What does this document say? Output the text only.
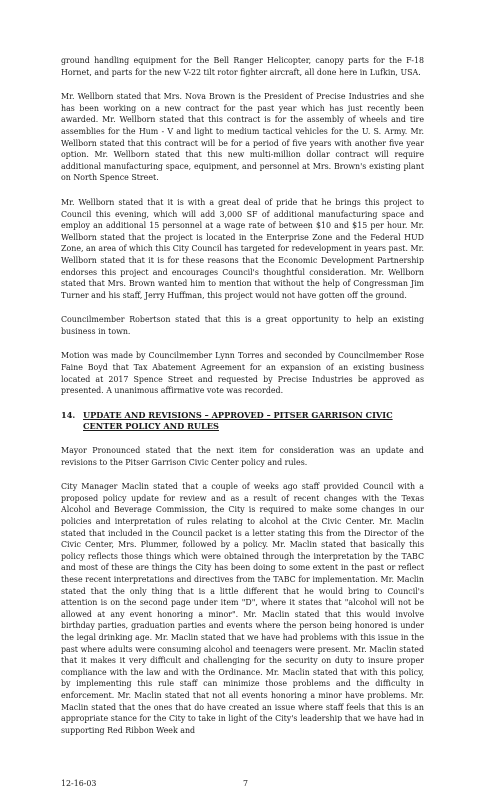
ground handling equipment for the Bell Ranger Helicopter, canopy parts for the F-18 Hornet, and parts for the new V-22 tilt rotor fighter aircraft, all done here in Lufkin, USA.

Mr. Wellborn stated that Mrs. Nova Brown is the President of Precise Industries and she has been working on a new contract for the past year which has just recently been awarded. Mr. Wellborn stated that this contract is for the assembly of wheels and tire assemblies for the Hum - V and light to medium tactical vehicles for the U. S. Army. Mr. Wellborn stated that this contract will be for a period of five years with another five year option. Mr. Wellborn stated that this new multi-million dollar contract will require additional manufacturing space, equipment, and personnel at Mrs. Brown's existing plant on North Spence Street.

Mr. Wellborn stated that it is with a great deal of pride that he brings this project to Council this evening, which will add 3,000 SF of additional manufacturing space and employ an additional 15 personnel at a wage rate of between $10 and $15 per hour. Mr. Wellborn stated that the project is located in the Enterprise Zone and the Federal HUD Zone, an area of which this City Council has targeted for redevelopment in years past. Mr. Wellborn stated that it is for these reasons that the Economic Development Partnership endorses this project and encourages Council's thoughtful consideration. Mr. Wellborn stated that Mrs. Brown wanted him to mention that without the help of Congressman Jim Turner and his staff, Jerry Huffman, this project would not have gotten off the ground.

Councilmember Robertson stated that this is a great opportunity to help an existing business in town.

Motion was made by Councilmember Lynn Torres and seconded by Councilmember Rose Faine Boyd that Tax Abatement Agreement for an expansion of an existing business located at 2017 Spence Street and requested by Precise Industries be approved as presented. A unanimous affirmative vote was recorded.

14. UPDATE AND REVISIONS – APPROVED – PITSER GARRISON CIVIC CENTER POLICY AND RULES

Mayor Pronounced stated that the next item for consideration was an update and revisions to the Pitser Garrison Civic Center policy and rules.

City Manager Maclin stated that a couple of weeks ago staff provided Council with a proposed policy update for review and as a result of recent changes with the Texas Alcohol and Beverage Commission, the City is required to make some changes in our policies and interpretation of rules relating to alcohol at the Civic Center. Mr. Maclin stated that included in the Council packet is a letter stating this from the Director of the Civic Center, Mrs. Plummer, followed by a policy. Mr. Maclin stated that basically this policy reflects those things which were obtained through the interpretation by the TABC and most of these are things the City has been doing to some extent in the past or reflect these recent interpretations and directives from the TABC for implementation. Mr. Maclin stated that the only thing that is a little different that he would bring to Council's attention is on the second page under item "D", where it states that "alcohol will not be allowed at any event honoring a minor". Mr. Maclin stated that this would involve birthday parties, graduation parties and events where the person being honored is under the legal drinking age. Mr. Maclin stated that we have had problems with this issue in the past where adults were consuming alcohol and teenagers were present. Mr. Maclin stated that it makes it very difficult and challenging for the security on duty to insure proper compliance with the law and with the Ordinance. Mr. Maclin stated that with this policy, by implementing this rule staff can minimize those problems and the difficulty in enforcement. Mr. Maclin stated that not all events honoring a minor have problems. Mr. Maclin stated that the ones that do have created an issue where staff feels that this is an appropriate stance for the City to take in light of the City's leadership that we have had in supporting Red Ribbon Week and

12-16-03	7
